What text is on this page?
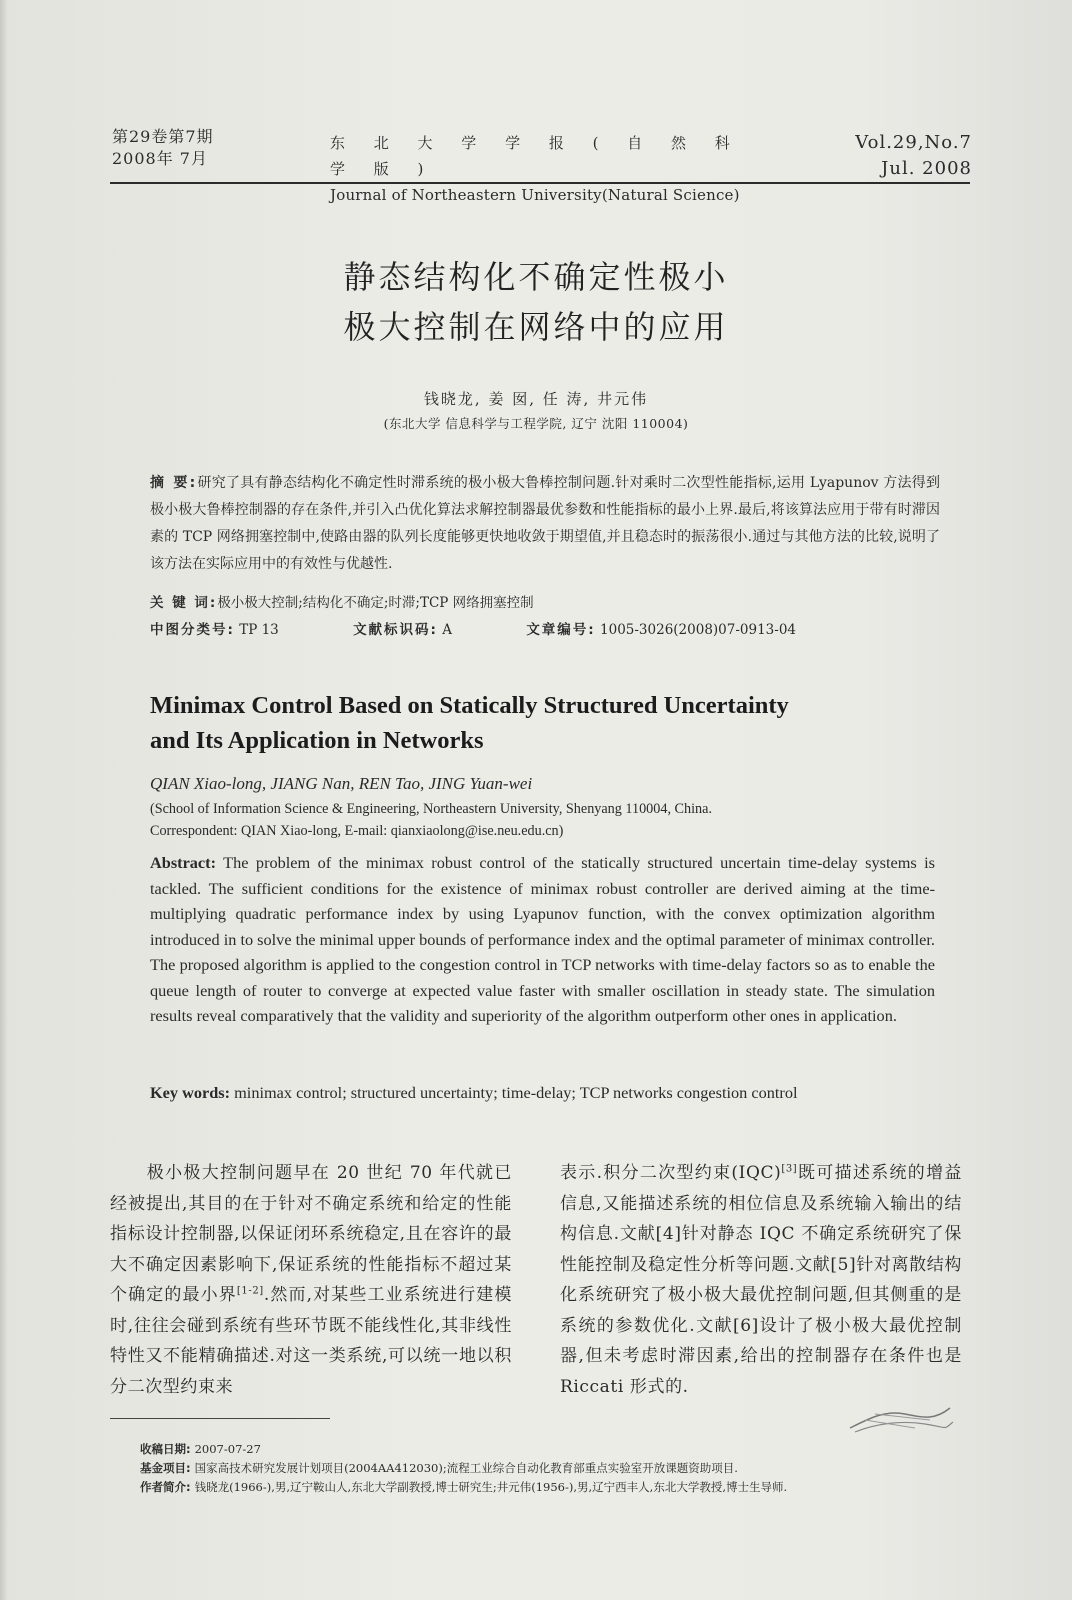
第29卷第7期
2008年 7月
东 北 大 学 学 报 ( 自 然 科 学 版 )
Journal of Northeastern University(Natural Science)
Vol.29,No.7
Jul. 2008
静态结构化不确定性极小
极大控制在网络中的应用
钱晓龙, 姜 囡, 任 涛, 井元伟
(东北大学 信息科学与工程学院, 辽宁 沈阳 110004)
摘 要:研究了具有静态结构化不确定性时滞系统的极小极大鲁棒控制问题.针对乘时二次型性能指标,运用 Lyapunov 方法得到极小极大鲁棒控制器的存在条件,并引入凸优化算法求解控制器最优参数和性能指标的最小上界.最后,将该算法应用于带有时滞因素的 TCP 网络拥塞控制中,使路由器的队列长度能够更快地收敛于期望值,并且稳态时的振荡很小.通过与其他方法的比较,说明了该方法在实际应用中的有效性与优越性.
关 键 词:极小极大控制;结构化不确定;时滞;TCP 网络拥塞控制
中图分类号: TP 13	文献标识码: A	文章编号: 1005-3026(2008)07-0913-04
Minimax Control Based on Statically Structured Uncertainty
and Its Application in Networks
QIAN Xiao-long, JIANG Nan, REN Tao, JING Yuan-wei
(School of Information Science & Engineering, Northeastern University, Shenyang 110004, China.
Correspondent: QIAN Xiao-long, E-mail: qianxiaolong@ise.neu.edu.cn)
Abstract: The problem of the minimax robust control of the statically structured uncertain time-delay systems is tackled. The sufficient conditions for the existence of minimax robust controller are derived aiming at the time-multiplying quadratic performance index by using Lyapunov function, with the convex optimization algorithm introduced in to solve the minimal upper bounds of performance index and the optimal parameter of minimax controller. The proposed algorithm is applied to the congestion control in TCP networks with time-delay factors so as to enable the queue length of router to converge at expected value faster with smaller oscillation in steady state. The simulation results reveal comparatively that the validity and superiority of the algorithm outperform other ones in application.
Key words: minimax control; structured uncertainty; time-delay; TCP networks congestion control
极小极大控制问题早在 20 世纪 70 年代就已经被提出,其目的在于针对不确定系统和给定的性能指标设计控制器,以保证闭环系统稳定,且在容许的最大不确定因素影响下,保证系统的性能指标不超过某个确定的最小界[1-2].然而,对某些工业系统进行建模时,往往会碰到系统有些环节既不能线性化,其非线性特性又不能精确描述.对这一类系统,可以统一地以积分二次型约束来
表示.积分二次型约束(IQC)[3]既可描述系统的增益信息,又能描述系统的相位信息及系统输入输出的结构信息.文献[4]针对静态 IQC 不确定系统研究了保性能控制及稳定性分析等问题.文献[5]针对离散结构化系统研究了极小极大最优控制问题,但其侧重的是系统的参数优化.文献[6]设计了极小极大最优控制器,但未考虑时滞因素,给出的控制器存在条件也是 Riccati 形式的.
收稿日期: 2007-07-27
基金项目: 国家高技术研究发展计划项目(2004AA412030);流程工业综合自动化教育部重点实验室开放课题资助项目.
作者简介: 钱晓龙(1966-),男,辽宁鞍山人,东北大学副教授,博士研究生;井元伟(1956-),男,辽宁西丰人,东北大学教授,博士生导师.
